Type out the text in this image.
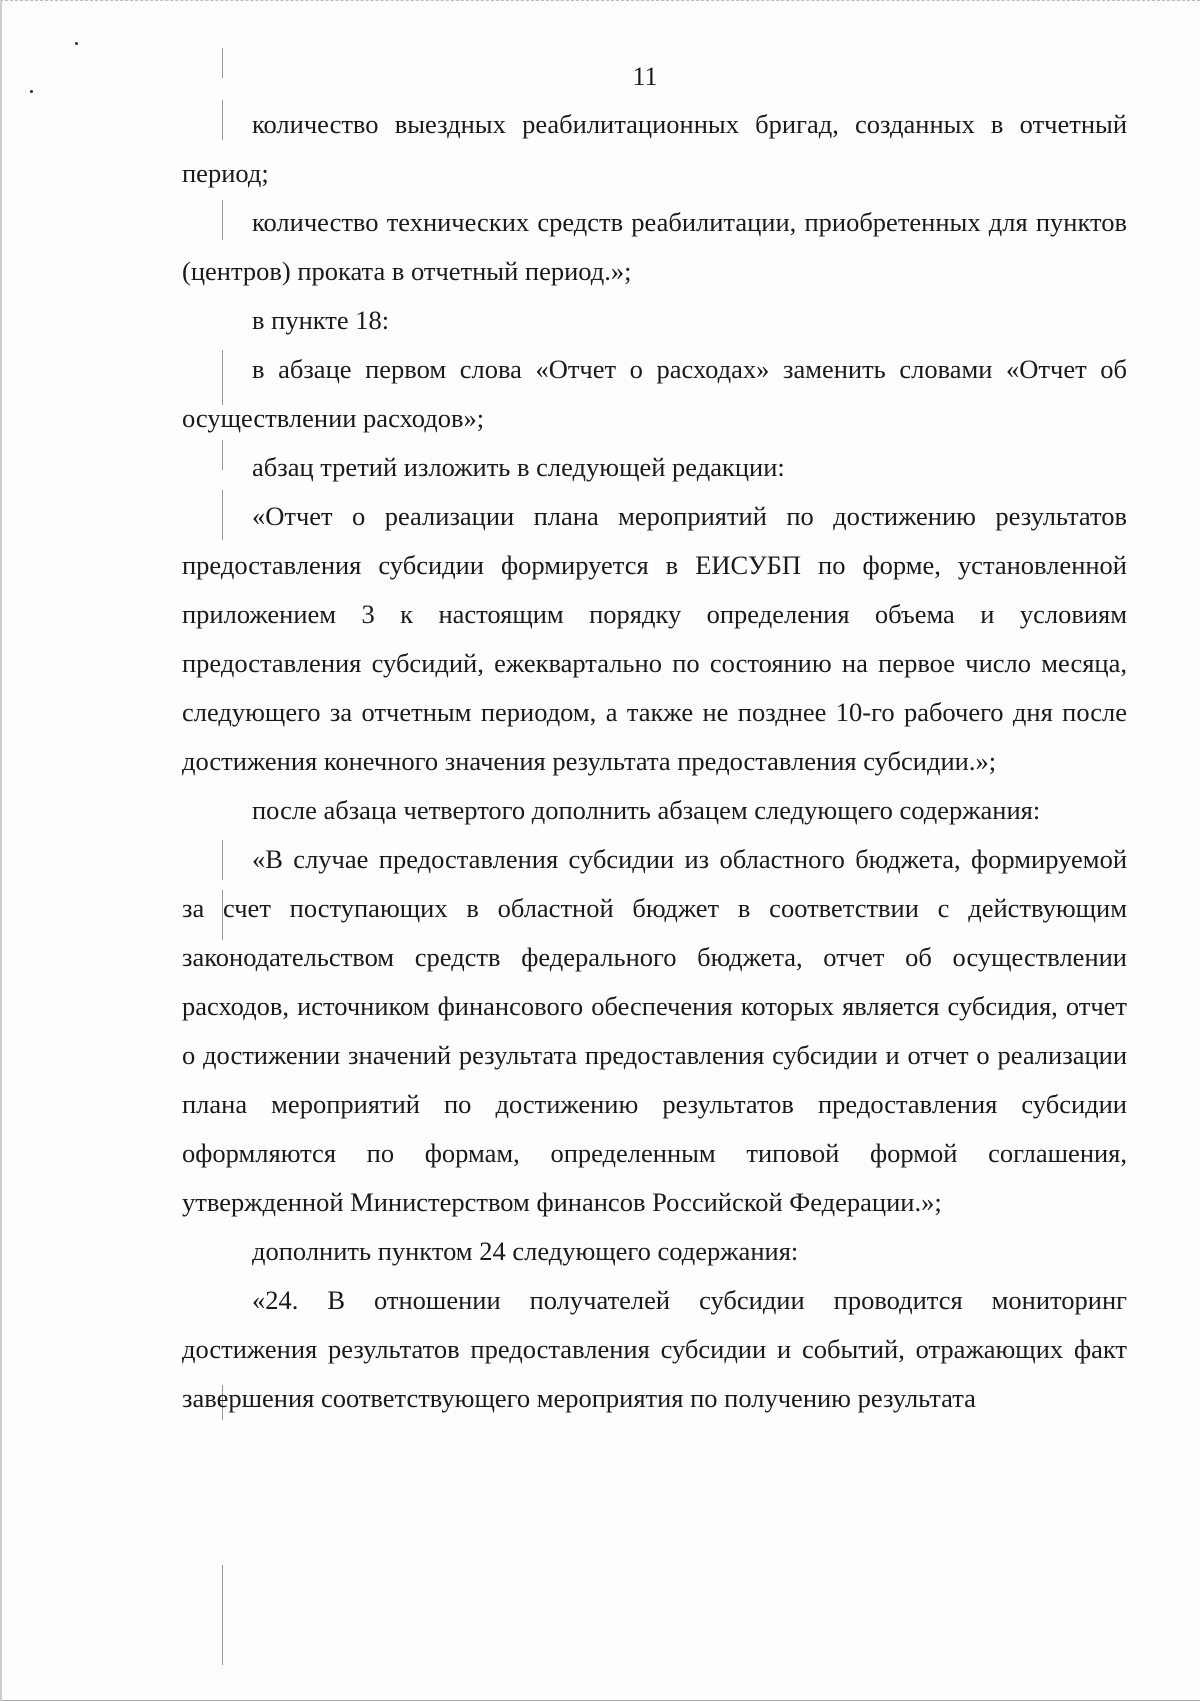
11

количество выездных реабилитационных бригад, созданных в отчетный период;

количество технических средств реабилитации, приобретенных для пунктов (центров) проката в отчетный период.»;

в пункте 18:

в абзаце первом слова «Отчет о расходах» заменить словами «Отчет об осуществлении расходов»;

абзац третий изложить в следующей редакции:

«Отчет о реализации плана мероприятий по достижению результатов предоставления субсидии формируется в ЕИСУБП по форме, установленной приложением 3 к настоящим порядку определения объема и условиям предоставления субсидий, ежеквартально по состоянию на первое число месяца, следующего за отчетным периодом, а также не позднее 10-го рабочего дня после достижения конечного значения результата предоставления субсидии.»;

после абзаца четвертого дополнить абзацем следующего содержания:

«В случае предоставления субсидии из областного бюджета, формируемой за счет поступающих в областной бюджет в соответствии с действующим законодательством средств федерального бюджета, отчет об осуществлении расходов, источником финансового обеспечения которых является субсидия, отчет о достижении значений результата предоставления субсидии и отчет о реализации плана мероприятий по достижению результатов предоставления субсидии оформляются по формам, определенным типовой формой соглашения, утвержденной Министерством финансов Российской Федерации.»;

дополнить пунктом 24 следующего содержания:

«24. В отношении получателей субсидии проводится мониторинг достижения результатов предоставления субсидии и событий, отражающих факт завершения соответствующего мероприятия по получению результата
